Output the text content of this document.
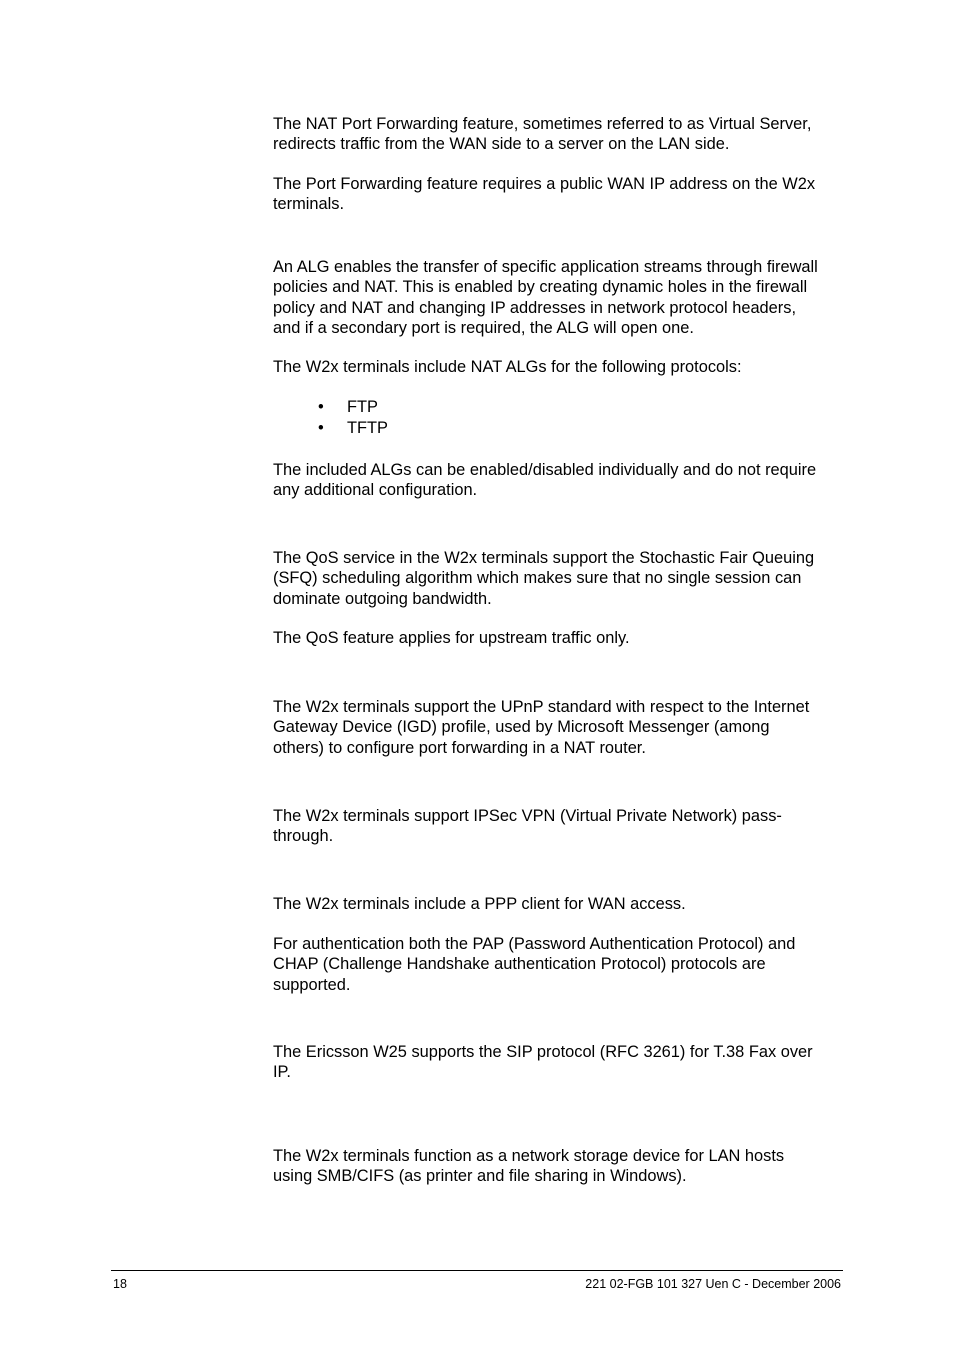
The NAT Port Forwarding feature, sometimes referred to as Virtual Server,
redirects traffic from the WAN side to a server on the LAN side.

The Port Forwarding feature requires a public WAN IP address on the W2x
terminals.

An ALG enables the transfer of specific application streams through firewall
policies and NAT. This is enabled by creating dynamic holes in the firewall
policy and NAT and changing IP addresses in network protocol headers,
and if a secondary port is required, the ALG will open one.

The W2x terminals include NAT ALGs for the following protocols:

• FTP
• TFTP

The included ALGs can be enabled/disabled individually and do not require
any additional configuration.

The QoS service in the W2x terminals support the Stochastic Fair Queuing
(SFQ) scheduling algorithm which makes sure that no single session can
dominate outgoing bandwidth.

The QoS feature applies for upstream traffic only.

The W2x terminals support the UPnP standard with respect to the Internet
Gateway Device (IGD) profile, used by Microsoft Messenger (among
others) to configure port forwarding in a NAT router.

The W2x terminals support IPSec VPN (Virtual Private Network) pass-
through.

The W2x terminals include a PPP client for WAN access.

For authentication both the PAP (Password Authentication Protocol) and
CHAP (Challenge Handshake authentication Protocol) protocols are
supported.

The Ericsson W25 supports the SIP protocol (RFC 3261) for T.38 Fax over
IP.

The W2x terminals function as a network storage device for LAN hosts
using SMB/CIFS (as printer and file sharing in Windows).

18	221 02-FGB 101 327 Uen C - December 2006
